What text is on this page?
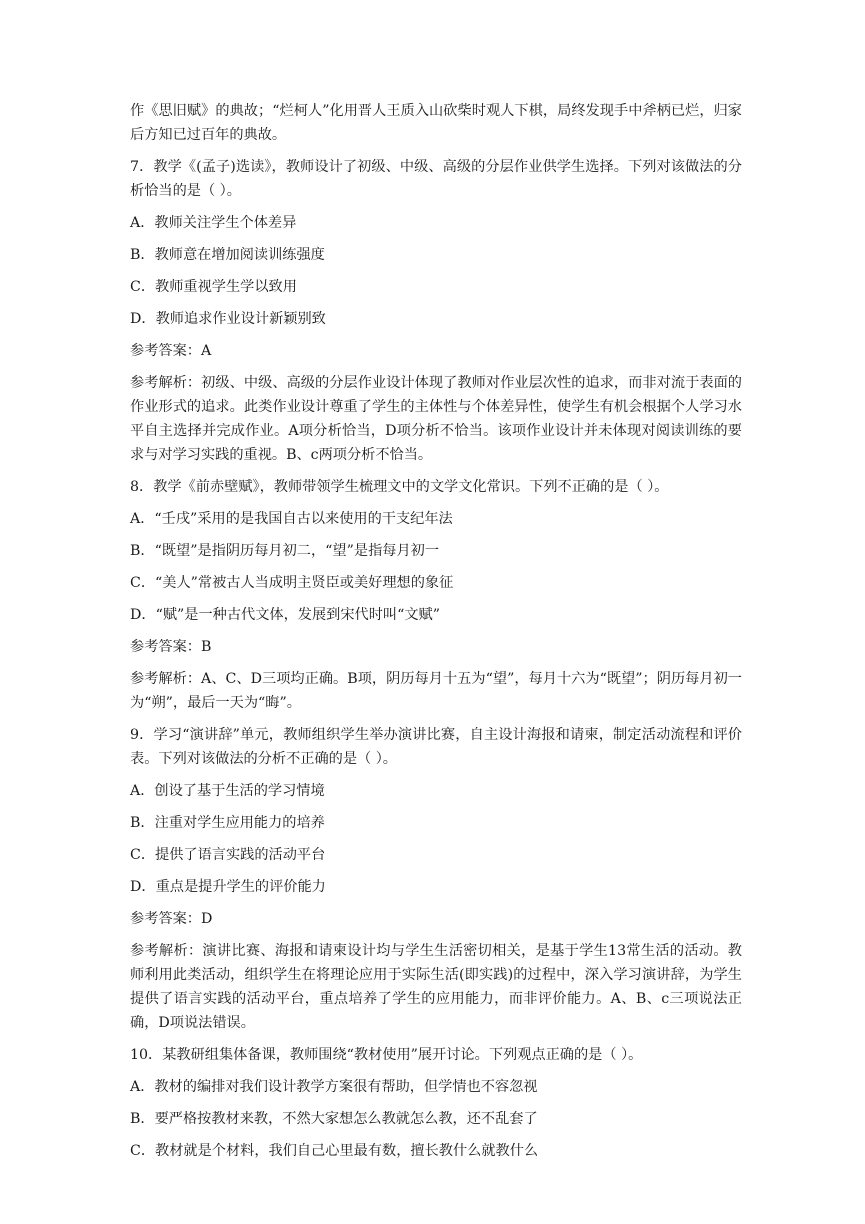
作《思旧赋》的典故；“烂柯人”化用晋人王质入山砍柴时观人下棋，局终发现手中斧柄已烂，归家后方知已过百年的典故。

7．教学《(孟子)选读》，教师设计了初级、中级、高级的分层作业供学生选择。下列对该做法的分析恰当的是（ ）。

A．教师关注学生个体差异

B．教师意在增加阅读训练强度

C．教师重视学生学以致用

D．教师追求作业设计新颖别致

参考答案：A

参考解析：初级、中级、高级的分层作业设计体现了教师对作业层次性的追求，而非对流于表面的作业形式的追求。此类作业设计尊重了学生的主体性与个体差异性，使学生有机会根据个人学习水平自主选择并完成作业。A项分析恰当，D项分析不恰当。该项作业设计并未体现对阅读训练的要求与对学习实践的重视。B、c两项分析不恰当。

8．教学《前赤壁赋》，教师带领学生梳理文中的文学文化常识。下列不正确的是（ ）。

A．“壬戌”采用的是我国自古以来使用的干支纪年法

B．“既望”是指阴历每月初二，“望”是指每月初一

C．“美人”常被古人当成明主贤臣或美好理想的象征

D．“赋”是一种古代文体，发展到宋代时叫“文赋”

参考答案：B

参考解析：A、C、D三项均正确。B项，阴历每月十五为“望”，每月十六为“既望”；阴历每月初一为“朔”，最后一天为“晦”。

9．学习“演讲辞”单元，教师组织学生举办演讲比赛，自主设计海报和请柬，制定活动流程和评价表。下列对该做法的分析不正确的是（ ）。

A．创设了基于生活的学习情境

B．注重对学生应用能力的培养

C．提供了语言实践的活动平台

D．重点是提升学生的评价能力

参考答案：D

参考解析：演讲比赛、海报和请柬设计均与学生生活密切相关，是基于学生13常生活的活动。教师利用此类活动，组织学生在将理论应用于实际生活(即实践)的过程中，深入学习演讲辞，为学生提供了语言实践的活动平台，重点培养了学生的应用能力，而非评价能力。A、B、c三项说法正确，D项说法错误。

10．某教研组集体备课，教师围绕“教材使用”展开讨论。下列观点正确的是（ ）。

A．教材的编排对我们设计教学方案很有帮助，但学情也不容忽视

B．要严格按教材来教，不然大家想怎么教就怎么教，还不乱套了

C．教材就是个材料，我们自己心里最有数，擅长教什么就教什么
